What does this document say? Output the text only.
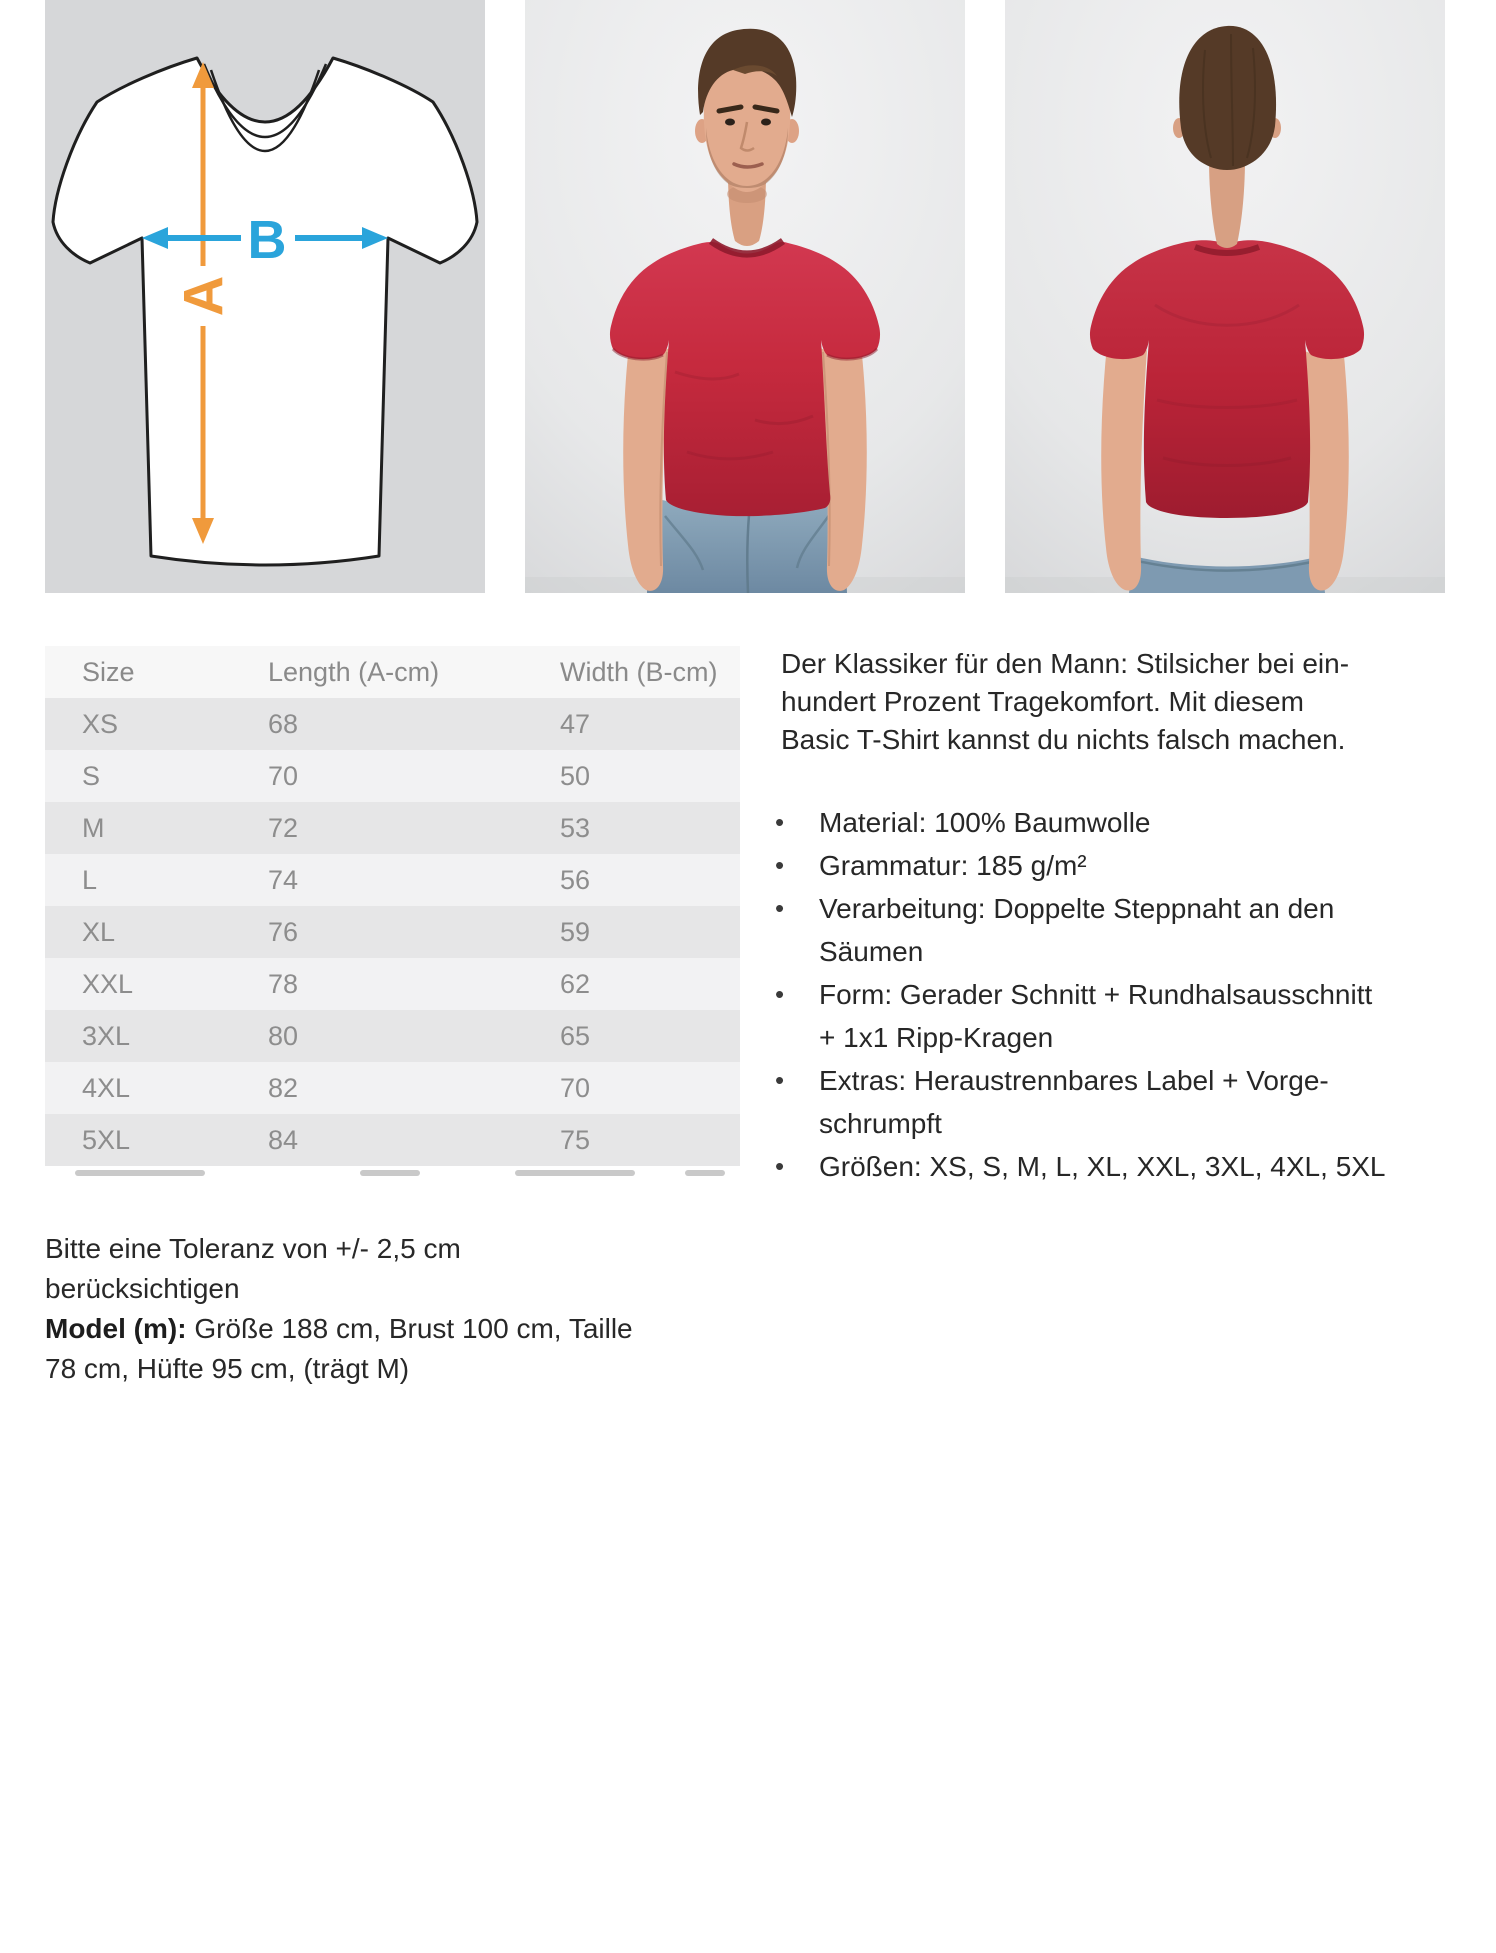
A
B
Size	Length (A-cm)	Width (B-cm)
XS	68	47
S	70	50
M	72	53
L	74	56
XL	76	59
XXL	78	62
3XL	80	65
4XL	82	70
5XL	84	75
Bitte eine Toleranz von +/- 2,5 cm berücksichtigen
Model (m): Größe 188 cm, Brust 100 cm, Taille 78 cm, Hüfte 95 cm, (trägt M)

Der Klassiker für den Mann: Stilsicher bei ein-
hundert Prozent Tragekomfort. Mit diesem
Basic T-Shirt kannst du nichts falsch machen.

• Material: 100% Baumwolle
• Grammatur: 185 g/m²
• Verarbeitung: Doppelte Steppnaht an den
Säumen
• Form: Gerader Schnitt + Rundhalsausschnitt
+ 1x1 Ripp-Kragen
• Extras: Heraustrennbares Label + Vorge-
schrumpft
• Größen: XS, S, M, L, XL, XXL, 3XL, 4XL, 5XL
